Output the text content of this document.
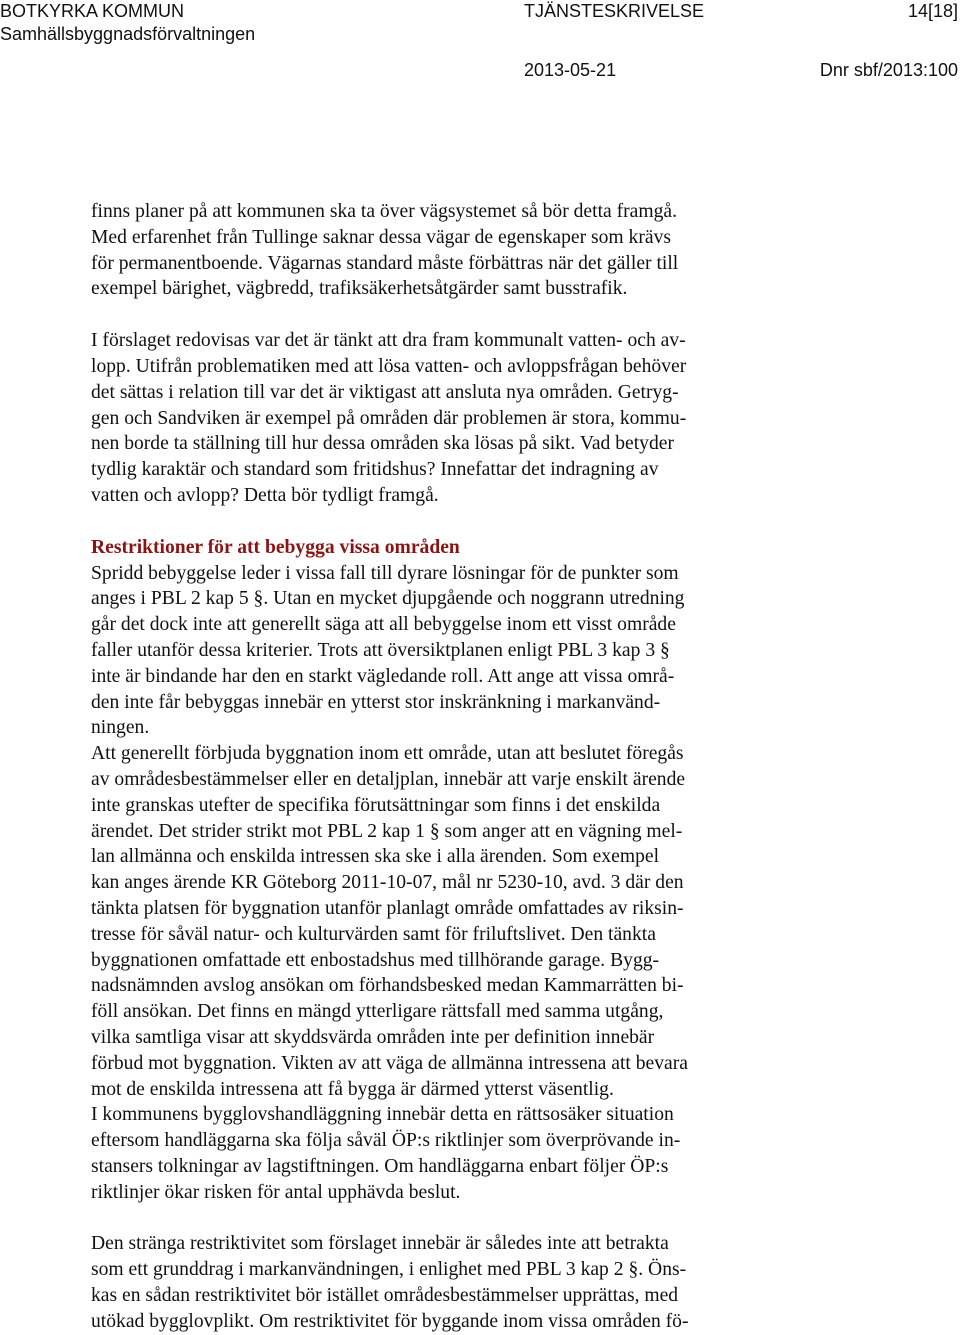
BOTKYRKA KOMMUN
Samhällsbyggnadsförvaltningen
TJÄNSTESKRIVELSE	14[18]
2013-05-21	Dnr sbf/2013:100
finns planer på att kommunen ska ta över vägsystemet så bör detta framgå.
Med erfarenhet från Tullinge saknar dessa vägar de egenskaper som krävs
för permanentboende. Vägarnas standard måste förbättras när det gäller till
exempel bärighet, vägbredd, trafiksäkerhetsåtgärder samt busstrafik.
I förslaget redovisas var det är tänkt att dra fram kommunalt vatten- och av-
lopp. Utifrån problematiken med att lösa vatten- och avloppsfrågan behöver
det sättas i relation till var det är viktigast att ansluta nya områden. Getryg-
gen och Sandviken är exempel på områden där problemen är stora, kommu-
nen borde ta ställning till hur dessa områden ska lösas på sikt. Vad betyder
tydlig karaktär och standard som fritidshus? Innefattar det indragning av
vatten och avlopp? Detta bör tydligt framgå.
Restriktioner för att bebygga vissa områden
Spridd bebyggelse leder i vissa fall till dyrare lösningar för de punkter som
anges i PBL 2 kap 5 §. Utan en mycket djupgående och noggrann utredning
går det dock inte att generellt säga att all bebyggelse inom ett visst område
faller utanför dessa kriterier. Trots att översiktplanen enligt PBL 3 kap 3 §
inte är bindande har den en starkt vägledande roll. Att ange att vissa områ-
den inte får bebyggas innebär en ytterst stor inskränkning i markanvänd-
ningen.
Att generellt förbjuda byggnation inom ett område, utan att beslutet föregås
av områdesbestämmelser eller en detaljplan, innebär att varje enskilt ärende
inte granskas utefter de specifika förutsättningar som finns i det enskilda
ärendet. Det strider strikt mot PBL 2 kap 1 § som anger att en vägning mel-
lan allmänna och enskilda intressen ska ske i alla ärenden. Som exempel
kan anges ärende KR Göteborg 2011-10-07, mål nr 5230-10, avd. 3 där den
tänkta platsen för byggnation utanför planlagt område omfattades av riksin-
tresse för såväl natur- och kulturvärden samt för friluftslivet. Den tänkta
byggnationen omfattade ett enbostadshus med tillhörande garage. Bygg-
nadsnämnden avslog ansökan om förhandsbesked medan Kammarrätten bi-
föll ansökan. Det finns en mängd ytterligare rättsfall med samma utgång,
vilka samtliga visar att skyddsvärda områden inte per definition innebär
förbud mot byggnation. Vikten av att väga de allmänna intressena att bevara
mot de enskilda intressena att få bygga är därmed ytterst väsentlig.
I kommunens bygglovshandläggning innebär detta en rättsosäker situation
eftersom handläggarna ska följa såväl ÖP:s riktlinjer som överprövande in-
stansers tolkningar av lagstiftningen. Om handläggarna enbart följer ÖP:s
riktlinjer ökar risken för antal upphävda beslut.
Den stränga restriktivitet som förslaget innebär är således inte att betrakta
som ett grunddrag i markanvändningen, i enlighet med PBL 3 kap 2 §. Öns-
kas en sådan restriktivitet bör istället områdesbestämmelser upprättas, med
utökad bygglovplikt. Om restriktivitet för byggande inom vissa områden fö-
